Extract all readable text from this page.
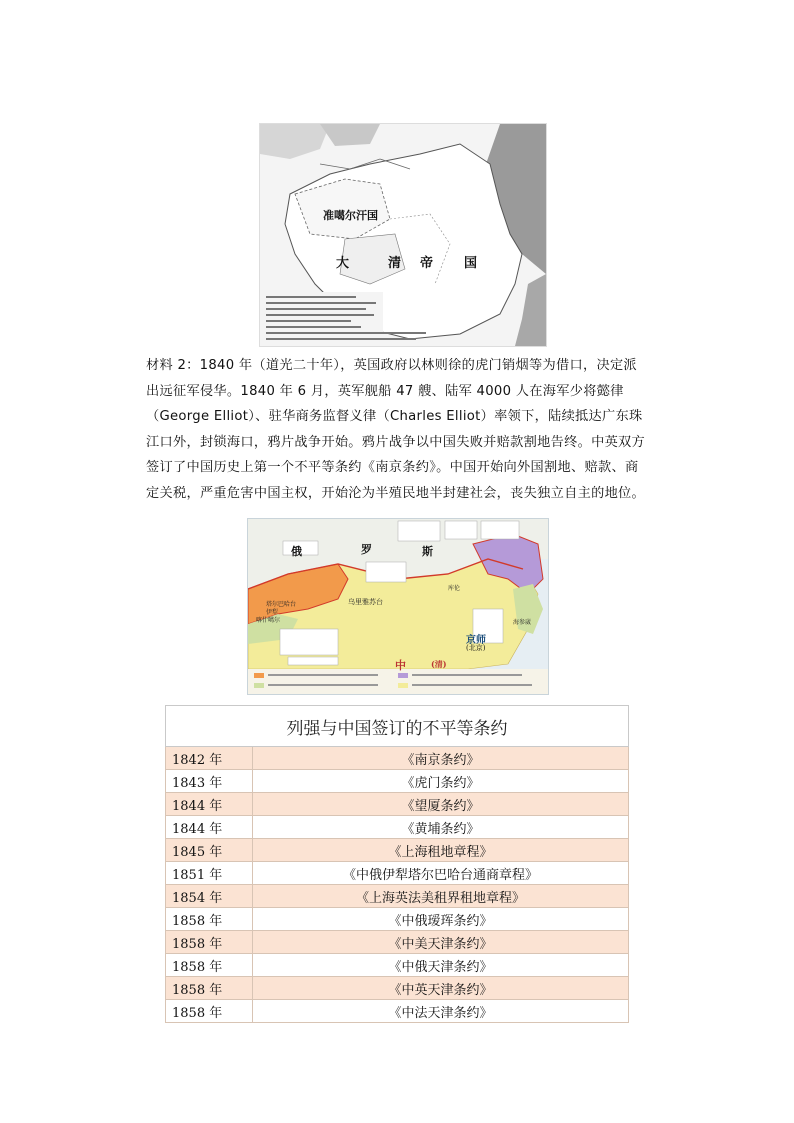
准噶尔汗国
大	清 帝 国
材料 2：1840 年（道光二十年），英国政府以林则徐的虎门销烟等为借口，决定派出远征军侵华。1840 年 6 月，英军舰船 47 艘、陆军 4000 人在海军少将懿律（George Elliot）、驻华商务监督义律（Charles Elliot）率领下，陆续抵达广东珠江口外，封锁海口，鸦片战争开始。鸦片战争以中国失败并赔款割地告终。中英双方签订了中国历史上第一个不平等条约《南京条约》。中国开始向外国割地、赔款、商定关税，严重危害中国主权，开始沦为半殖民地半封建社会，丧失独立自主的地位。
俄	罗	斯
京师
(北京)
中	(清)
乌里雅苏台
塔尔巴哈台
伊犁
喀什噶尔	海参崴
库伦
列强与中国签订的不平等条约	
1842 年	《南京条约》
1843 年	《虎门条约》
1844 年	《望厦条约》
1844 年	《黄埔条约》
1845 年	《上海租地章程》
1851 年	《中俄伊犁塔尔巴哈台通商章程》
1854 年	《上海英法美租界租地章程》
1858 年	《中俄瑷珲条约》
1858 年	《中美天津条约》
1858 年	《中俄天津条约》
1858 年	《中英天津条约》
1858 年	《中法天津条约》
